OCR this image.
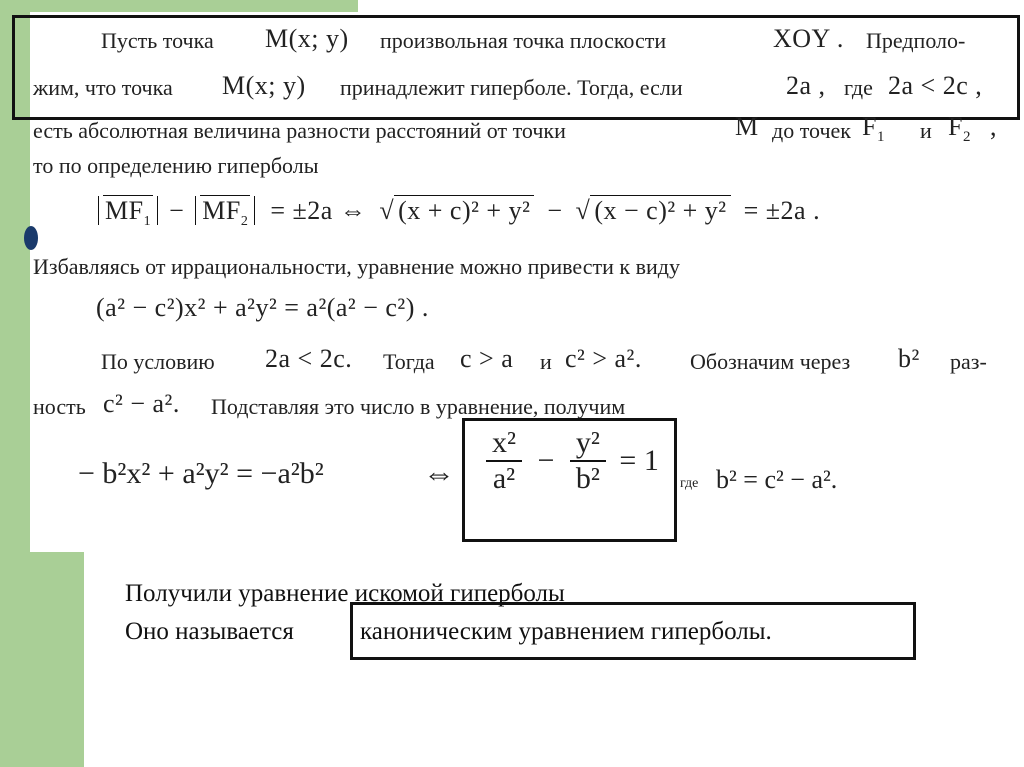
Пусть точка M(x; y) произвольная точка плоскости	XOY . Предполо-
жим, что точка M(x; y) принадлежит гиперболе. Тогда, если	2a , где 2a < 2c ,
есть абсолютная величина разности расстояний от точки	M до точек $F_1$ и $F_2$ ,
то по определению гиперболы
$MF_1 - MF_2 = \pm 2a$ ⇔ √ (x + c)² + y² − √ (x − c)² + y² = ±2a .
Избавляясь от иррациональности, уравнение можно привести к виду
(a² − c²)x² + a²y² = a²(a² − c²) .
По условию 2a < 2c. Тогда c > a и c² > a². Обозначим через b² раз-
ность c² − a². Подставляя это число в уравнение, получим
− b²x² + a²y² = −a²b²	⇔ $\frac{\text{x²}}{\text{a²}} - \frac{\text{y²}}{\text{b²}} = 1$
где b² = c² − a².
Получили уравнение искомой гиперболы
Оно называется	каноническим уравнением гиперболы.
